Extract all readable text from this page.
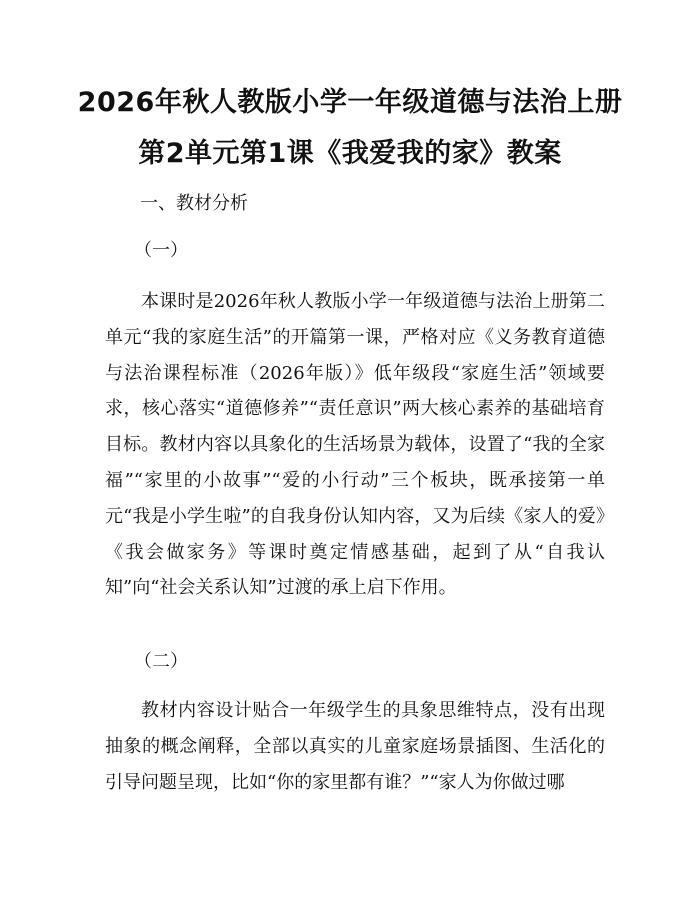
2026年秋人教版小学一年级道德与法治上册
第2单元第1课《我爱我的家》教案
一、教材分析
（一）
本课时是2026年秋人教版小学一年级道德与法治上册第二单元“我的家庭生活”的开篇第一课，严格对应《义务教育道德与法治课程标准（2026年版）》低年级段“家庭生活”领域要求，核心落实“道德修养”“责任意识”两大核心素养的基础培育目标。教材内容以具象化的生活场景为载体，设置了“我的全家福”“家里的小故事”“爱的小行动”三个板块，既承接第一单元“我是小学生啦”的自我身份认知内容，又为后续《家人的爱》《我会做家务》等课时奠定情感基础，起到了从“自我认知”向“社会关系认知”过渡的承上启下作用。
（二）
教材内容设计贴合一年级学生的具象思维特点，没有出现抽象的概念阐释，全部以真实的儿童家庭场景插图、生活化的引导问题呈现，比如“你的家里都有谁？”“家人为你做过哪
